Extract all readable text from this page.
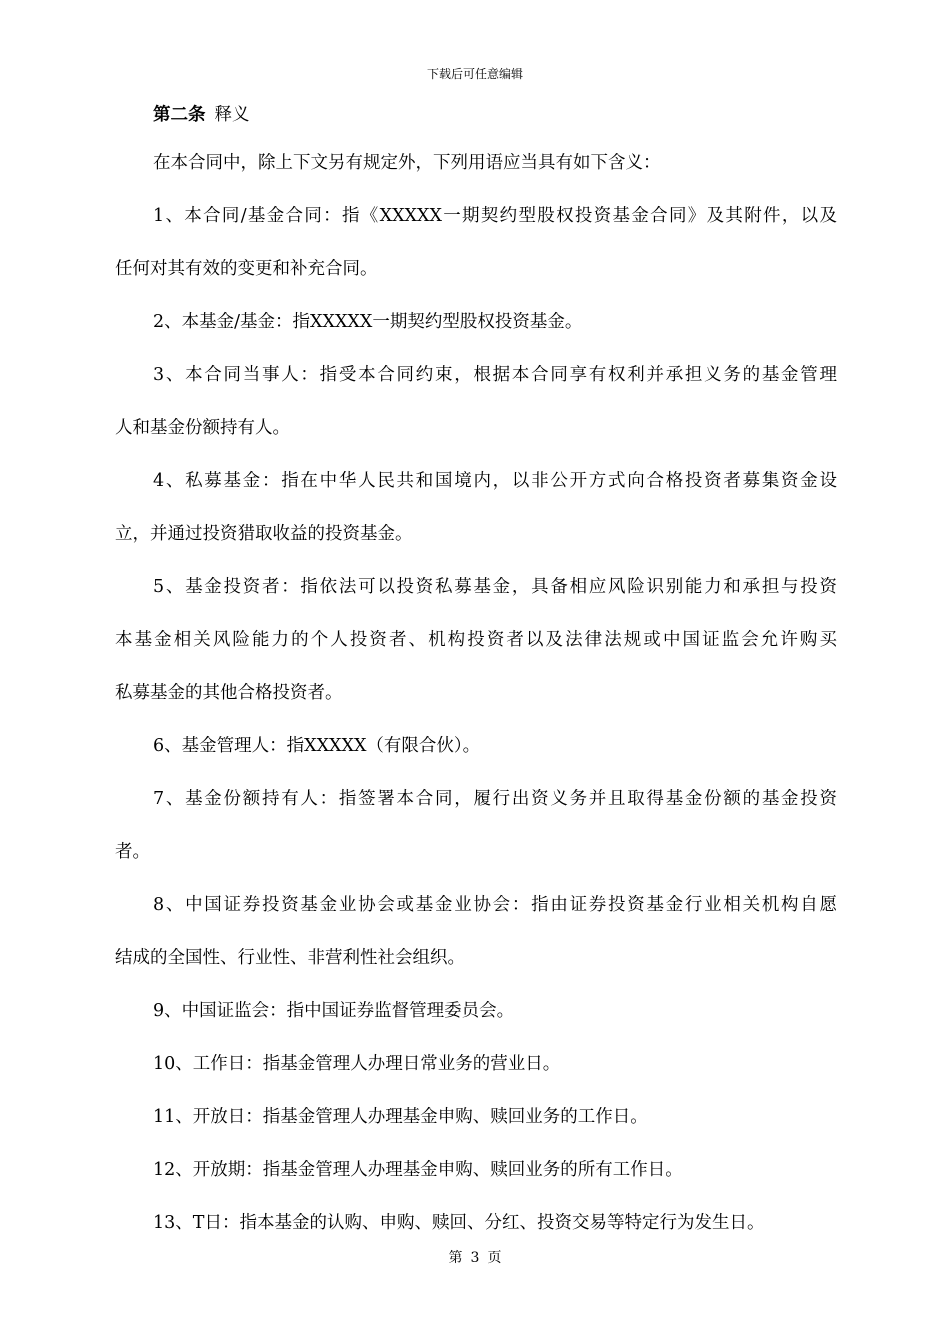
下载后可任意编辑
第二条 释义
在本合同中，除上下文另有规定外，下列用语应当具有如下含义：
1、本合同/基金合同：指《XXXXX一期契约型股权投资基金合同》及其附件，以及
任何对其有效的变更和补充合同。
2、本基金/基金：指XXXXX一期契约型股权投资基金。
3、本合同当事人：指受本合同约束，根据本合同享有权利并承担义务的基金管理
人和基金份额持有人。
4、私募基金：指在中华人民共和国境内，以非公开方式向合格投资者募集资金设
立，并通过投资猎取收益的投资基金。
5、基金投资者：指依法可以投资私募基金，具备相应风险识别能力和承担与投资
本基金相关风险能力的个人投资者、机构投资者以及法律法规或中国证监会允许购买
私募基金的其他合格投资者。
6、基金管理人：指XXXXX（有限合伙）。
7、基金份额持有人：指签署本合同，履行出资义务并且取得基金份额的基金投资
者。
8、中国证券投资基金业协会或基金业协会：指由证券投资基金行业相关机构自愿
结成的全国性、行业性、非营利性社会组织。
9、中国证监会：指中国证券监督管理委员会。
10、工作日：指基金管理人办理日常业务的营业日。
11、开放日：指基金管理人办理基金申购、赎回业务的工作日。
12、开放期：指基金管理人办理基金申购、赎回业务的所有工作日。
13、T日：指本基金的认购、申购、赎回、分红、投资交易等特定行为发生日。
第 3 页
